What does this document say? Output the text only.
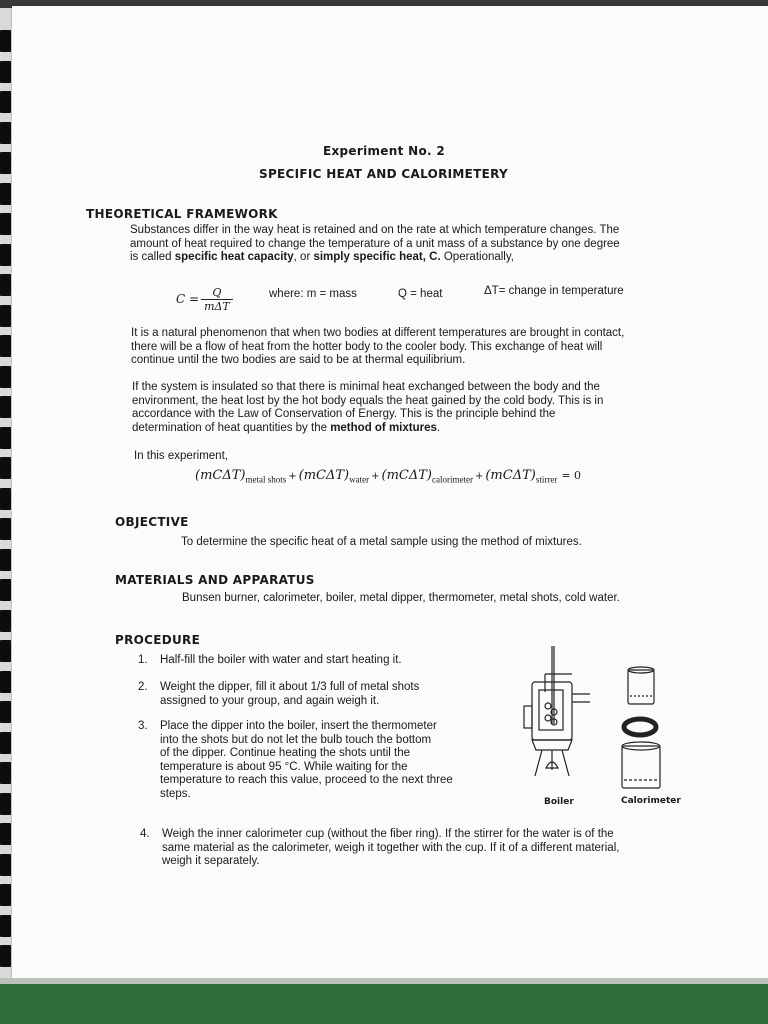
Experiment No. 2
SPECIFIC HEAT AND CALORIMETERY
THEORETICAL FRAMEWORK
Substances differ in the way heat is retained and on the rate at which temperature changes. The
amount of heat required to change the temperature of a unit mass of a substance by one degree
is called specific heat capacity, or simply specific heat, C. Operationally,
$C = \frac{Q}{\text{mΔT}}$	where: m = mass	Q = heat	ΔT= change in temperature
It is a natural phenomenon that when two bodies at different temperatures are brought in contact,
there will be a flow of heat from the hotter body to the cooler body. This exchange of heat will
continue until the two bodies are said to be at thermal equilibrium.
If the system is insulated so that there is minimal heat exchanged between the body and the
environment, the heat lost by the hot body equals the heat gained by the cold body. This is in
accordance with the Law of Conservation of Energy. This is the principle behind the
determination of heat quantities by the method of mixtures.
In this experiment,
$(mC\Delta T)_{metal shots} + (mC\Delta T)_{water} + (mC\Delta T)_{calorimeter} + (mC\Delta T)_{stirrer} = 0$
OBJECTIVE
To determine the specific heat of a metal sample using the method of mixtures.
MATERIALS AND APPARATUS
Bunsen burner, calorimeter, boiler, metal dipper, thermometer, metal shots, cold water.
PROCEDURE
1. Half-fill the boiler with water and start heating it.
2. Weight the dipper, fill it about 1/3 full of metal shots
assigned to your group, and again weigh it.
3. Place the dipper into the boiler, insert the thermometer
into the shots but do not let the bulb touch the bottom
of the dipper. Continue heating the shots until the
temperature is about 95 °C. While waiting for the
temperature to reach this value, proceed to the next three
steps.
4. Weigh the inner calorimeter cup (without the fiber ring). If the stirrer for the water is of the
same material as the calorimeter, weigh it together with the cup. If it of a different material,
weigh it separately.
Boiler	Calorimeter
